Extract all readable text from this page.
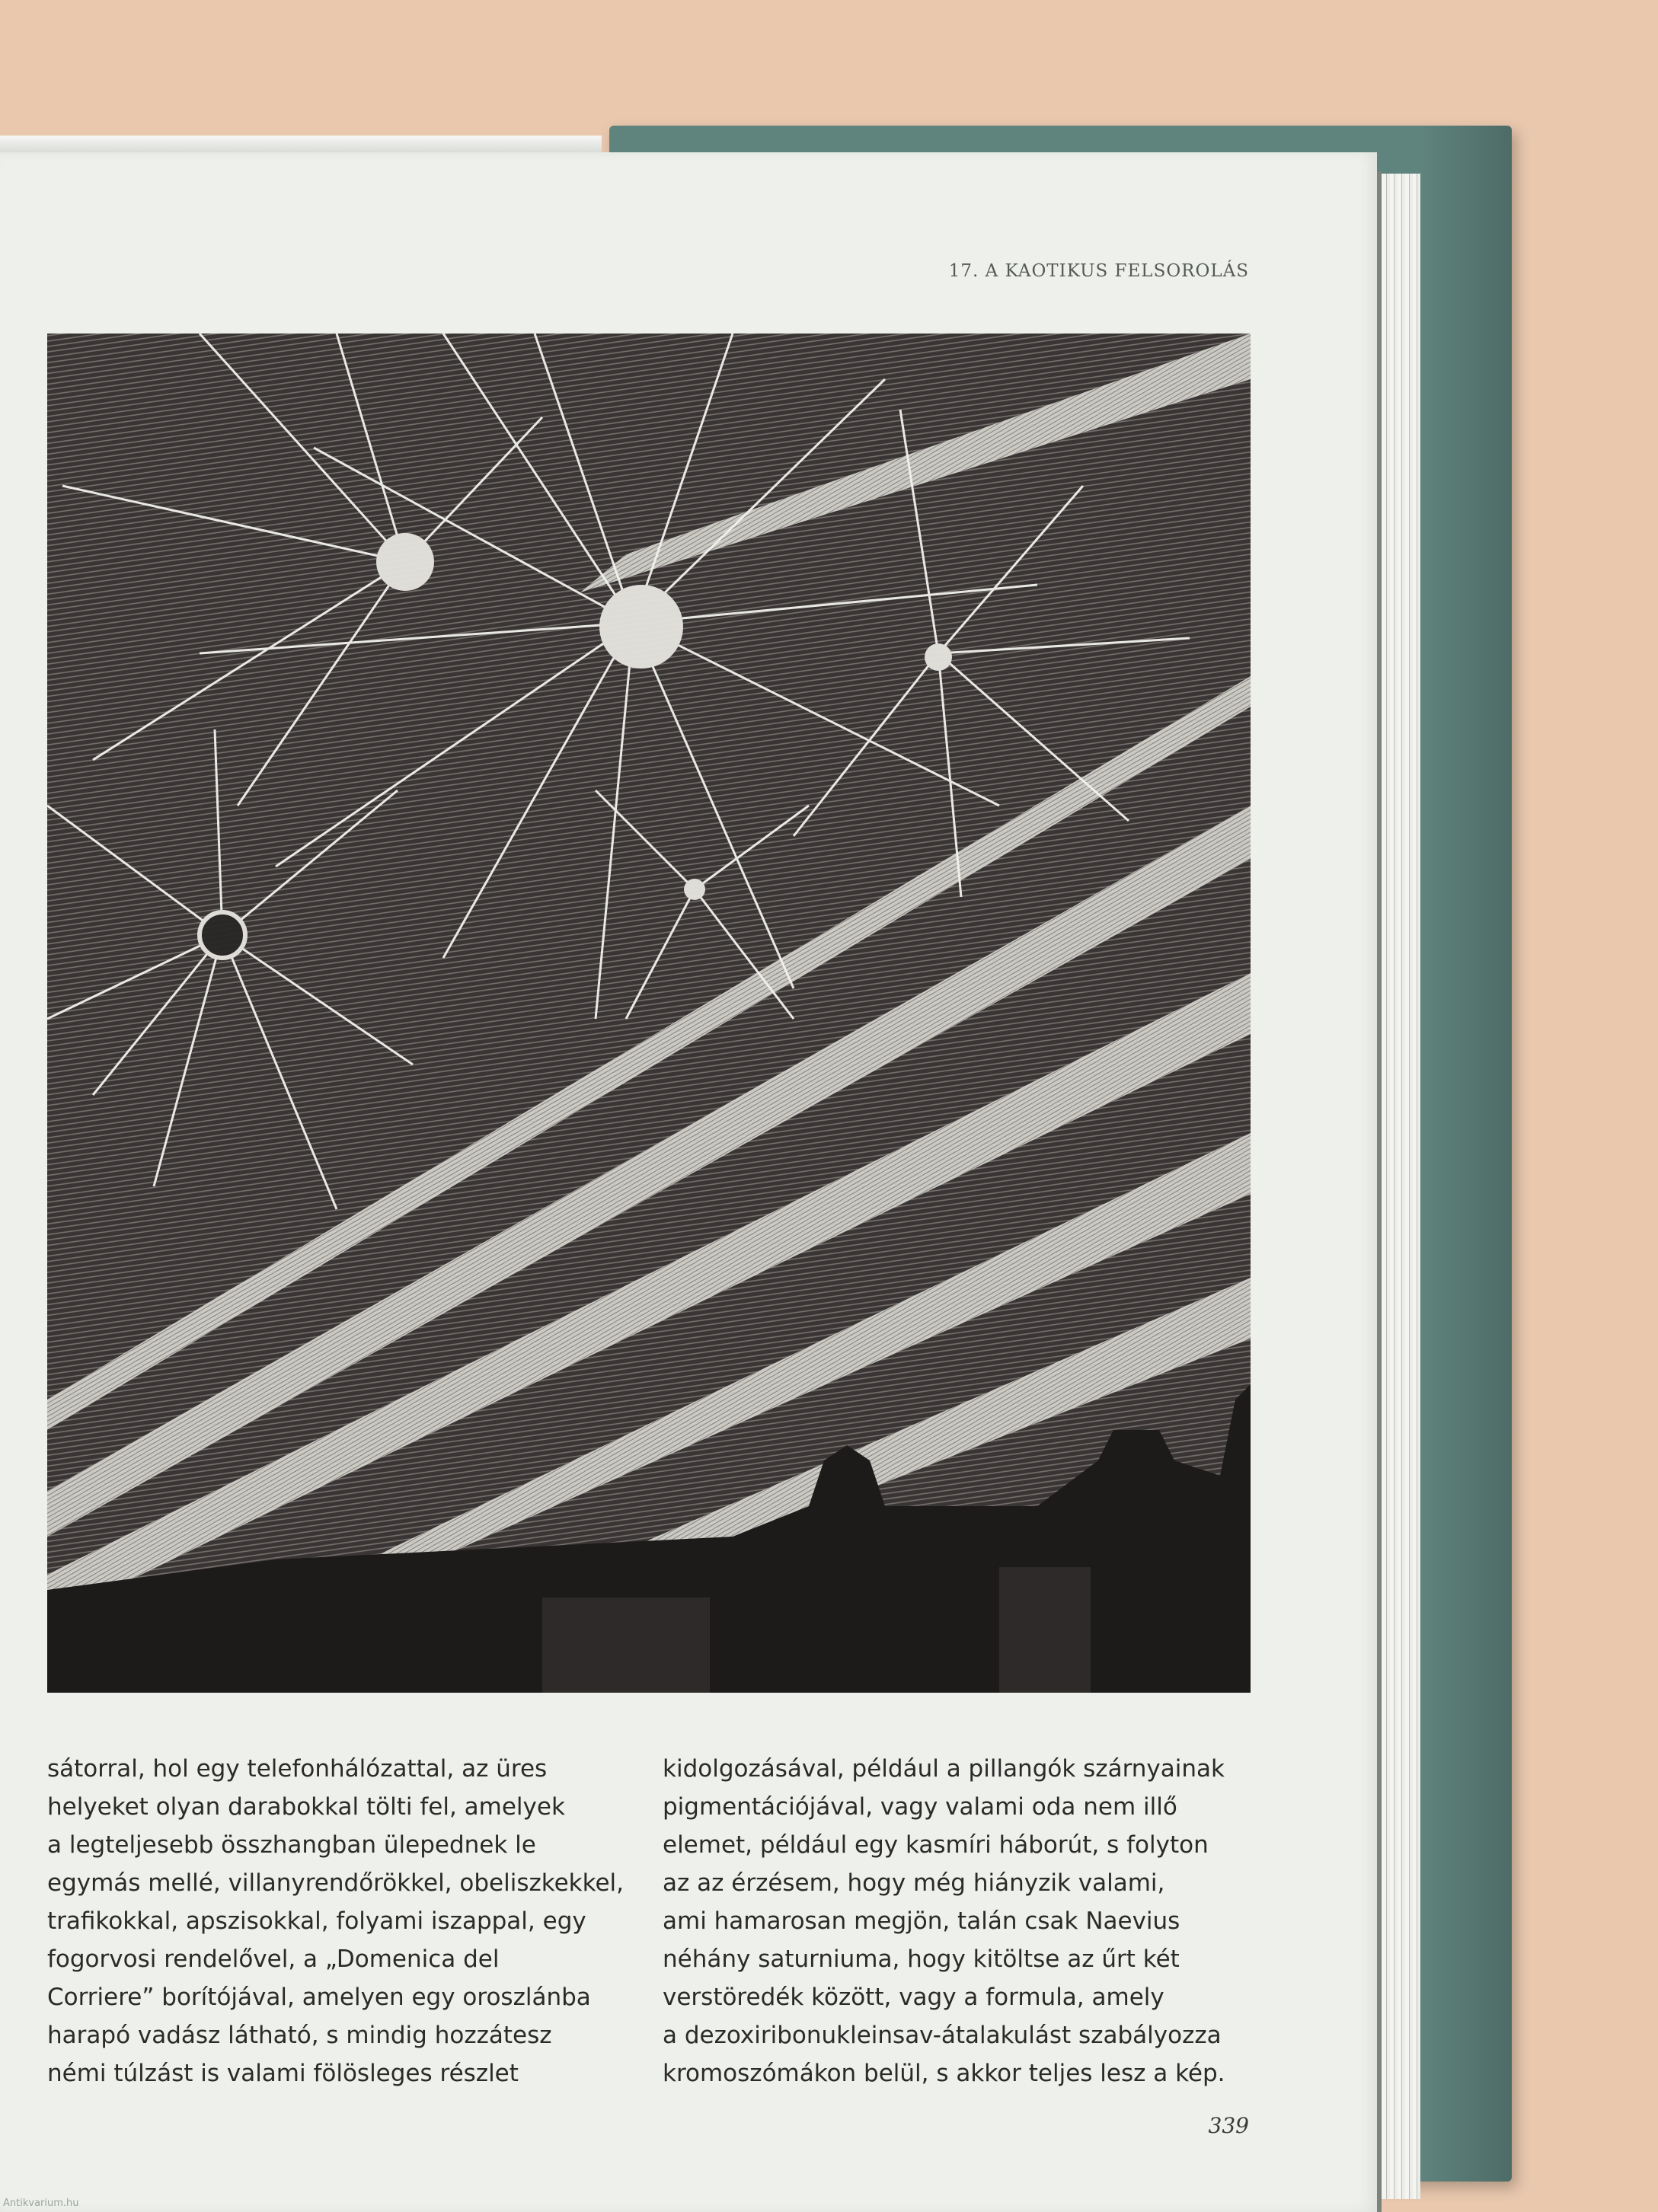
17. A KAOTIKUS FELSOROLÁS
sátorral, hol egy telefonhálózattal, az üres
helyeket olyan darabokkal tölti fel, amelyek
a legteljesebb összhangban ülepednek le
egymás mellé, villanyrendőrökkel, obeliszkekkel,
trafikokkal, apszisokkal, folyami iszappal, egy
fogorvosi rendelővel, a „Domenica del
Corriere” borítójával, amelyen egy oroszlánba
harapó vadász látható, s mindig hozzátesz
némi túlzást is valami fölösleges részlet
kidolgozásával, például a pillangók szárnyainak
pigmentációjával, vagy valami oda nem illő
elemet, például egy kasmíri háborút, s folyton
az az érzésem, hogy még hiányzik valami,
ami hamarosan megjön, talán csak Naevius
néhány saturniuma, hogy kitöltse az űrt két
verstöredék között, vagy a formula, amely
a dezoxiribonukleinsav-átalakulást szabályozza
kromoszómákon belül, s akkor teljes lesz a kép.
339
Antikvarium.hu
